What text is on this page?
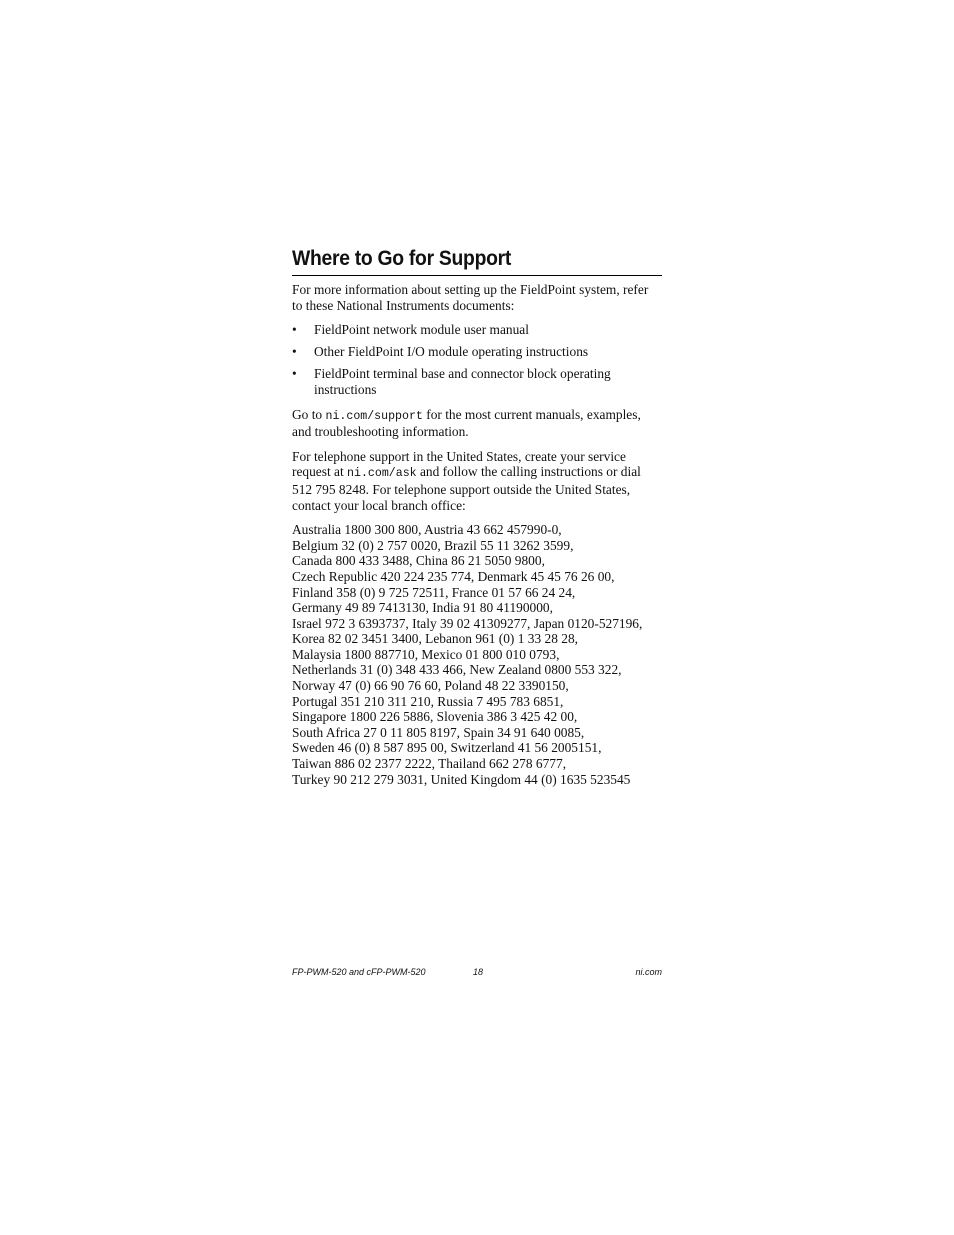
Where to Go for Support

For more information about setting up the FieldPoint system, refer to these National Instruments documents:

• FieldPoint network module user manual
• Other FieldPoint I/O module operating instructions
• FieldPoint terminal base and connector block operating instructions

Go to ni.com/support for the most current manuals, examples, and troubleshooting information.

For telephone support in the United States, create your service request at ni.com/ask and follow the calling instructions or dial 512 795 8248. For telephone support outside the United States, contact your local branch office:

Australia 1800 300 800, Austria 43 662 457990-0,
Belgium 32 (0) 2 757 0020, Brazil 55 11 3262 3599,
Canada 800 433 3488, China 86 21 5050 9800,
Czech Republic 420 224 235 774, Denmark 45 45 76 26 00,
Finland 358 (0) 9 725 72511, France 01 57 66 24 24,
Germany 49 89 7413130, India 91 80 41190000,
Israel 972 3 6393737, Italy 39 02 41309277, Japan 0120-527196,
Korea 82 02 3451 3400, Lebanon 961 (0) 1 33 28 28,
Malaysia 1800 887710, Mexico 01 800 010 0793,
Netherlands 31 (0) 348 433 466, New Zealand 0800 553 322,
Norway 47 (0) 66 90 76 60, Poland 48 22 3390150,
Portugal 351 210 311 210, Russia 7 495 783 6851,
Singapore 1800 226 5886, Slovenia 386 3 425 42 00,
South Africa 27 0 11 805 8197, Spain 34 91 640 0085,
Sweden 46 (0) 8 587 895 00, Switzerland 41 56 2005151,
Taiwan 886 02 2377 2222, Thailand 662 278 6777,
Turkey 90 212 279 3031, United Kingdom 44 (0) 1635 523545
FP-PWM-520 and cFP-PWM-520	18	ni.com
